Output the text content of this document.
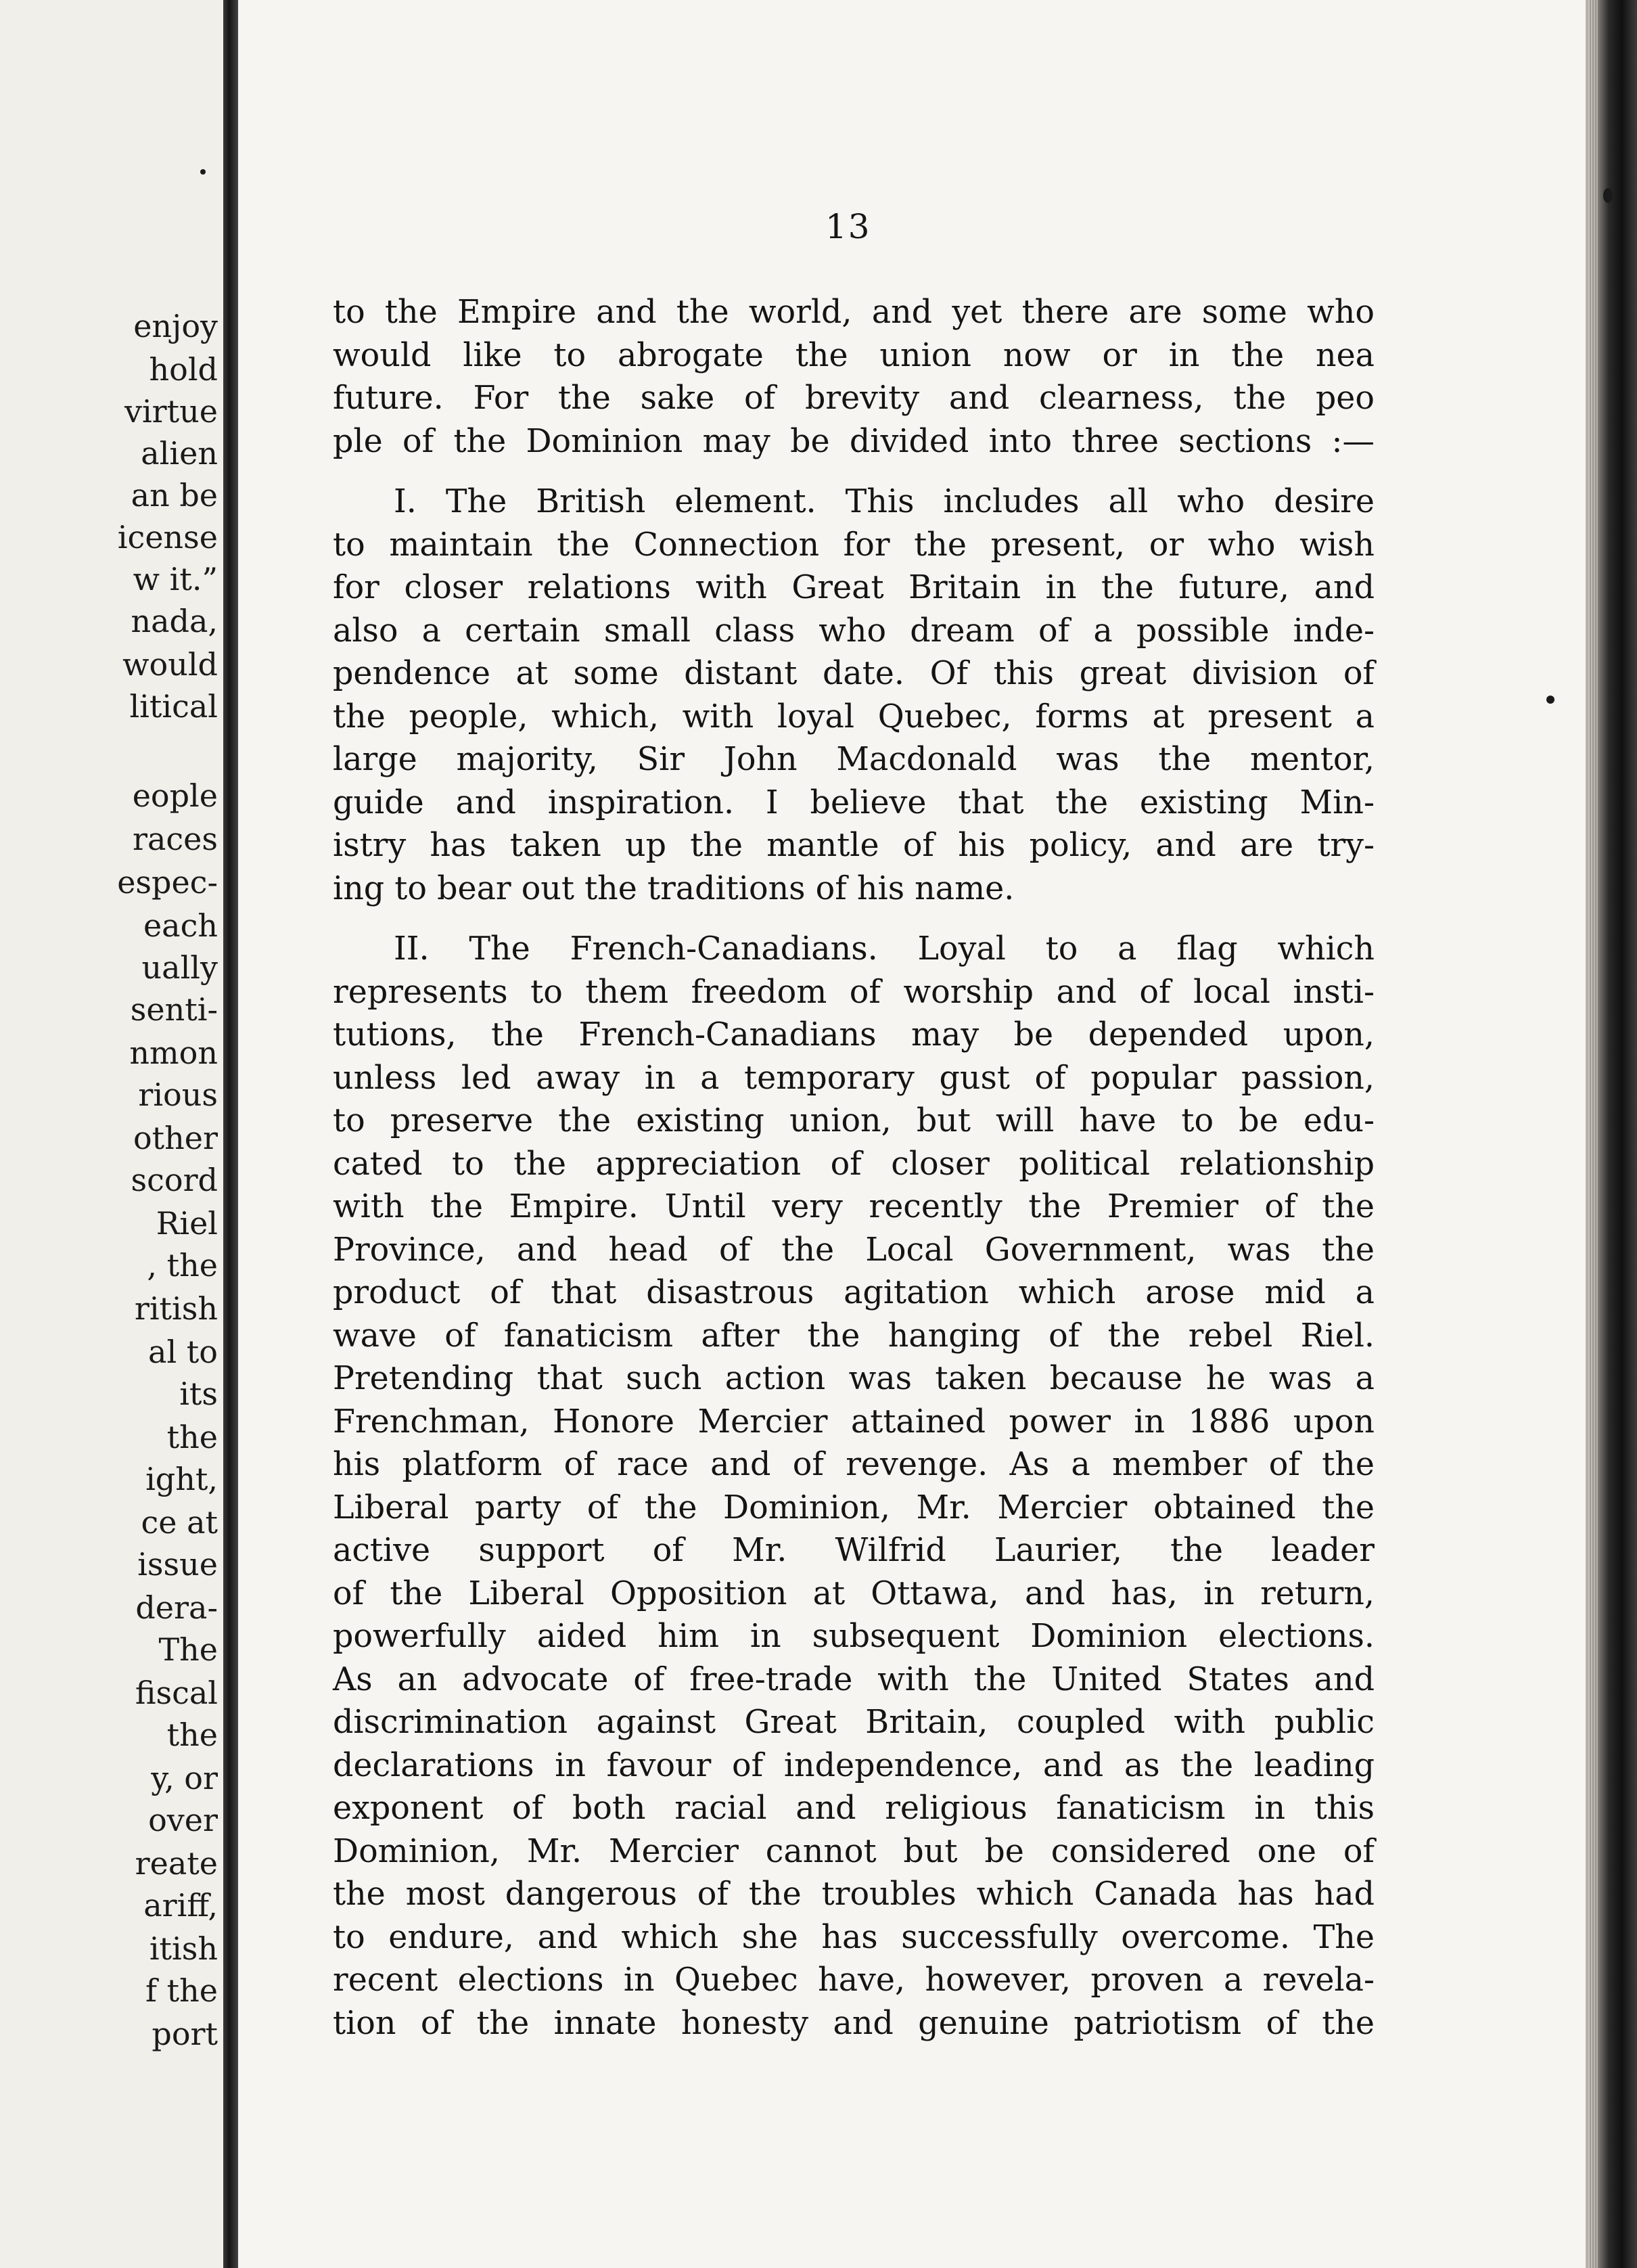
enjoy
hold
virtue
alien
an be
icense
w it.”
nada,
would
litical
eople
races
espec-
each
ually
senti-
nmon
rious
other
scord
Riel
, the
ritish
al to
its
the
ight,
ce at
issue
dera-
The
fiscal
the
y, or
over
reate
ariff,
itish
f the
port
13
to the Empire and the world, and yet there are some who
would like to abrogate the union now or in the nea
future. For the sake of brevity and clearness, the peo
ple of the Dominion may be divided into three sections :—
I. The British element. This includes all who desire
to maintain the Connection for the present, or who wish
for closer relations with Great Britain in the future, and
also a certain small class who dream of a possible inde-
pendence at some distant date. Of this great division of
the people, which, with loyal Quebec, forms at present a
large majority, Sir John Macdonald was the mentor,
guide and inspiration. I believe that the existing Min-
istry has taken up the mantle of his policy, and are try-
ing to bear out the traditions of his name.
II. The French-Canadians. Loyal to a flag which
represents to them freedom of worship and of local insti-
tutions, the French-Canadians may be depended upon,
unless led away in a temporary gust of popular passion,
to preserve the existing union, but will have to be edu-
cated to the appreciation of closer political relationship
with the Empire. Until very recently the Premier of the
Province, and head of the Local Government, was the
product of that disastrous agitation which arose mid a
wave of fanaticism after the hanging of the rebel Riel.
Pretending that such action was taken because he was a
Frenchman, Honore Mercier attained power in 1886 upon
his platform of race and of revenge. As a member of the
Liberal party of the Dominion, Mr. Mercier obtained the
active support of Mr. Wilfrid Laurier, the leader
of the Liberal Opposition at Ottawa, and has, in return,
powerfully aided him in subsequent Dominion elections.
As an advocate of free-trade with the United States and
discrimination against Great Britain, coupled with public
declarations in favour of independence, and as the leading
exponent of both racial and religious fanaticism in this
Dominion, Mr. Mercier cannot but be considered one of
the most dangerous of the troubles which Canada has had
to endure, and which she has successfully overcome. The
recent elections in Quebec have, however, proven a revela-
tion of the innate honesty and genuine patriotism of the
